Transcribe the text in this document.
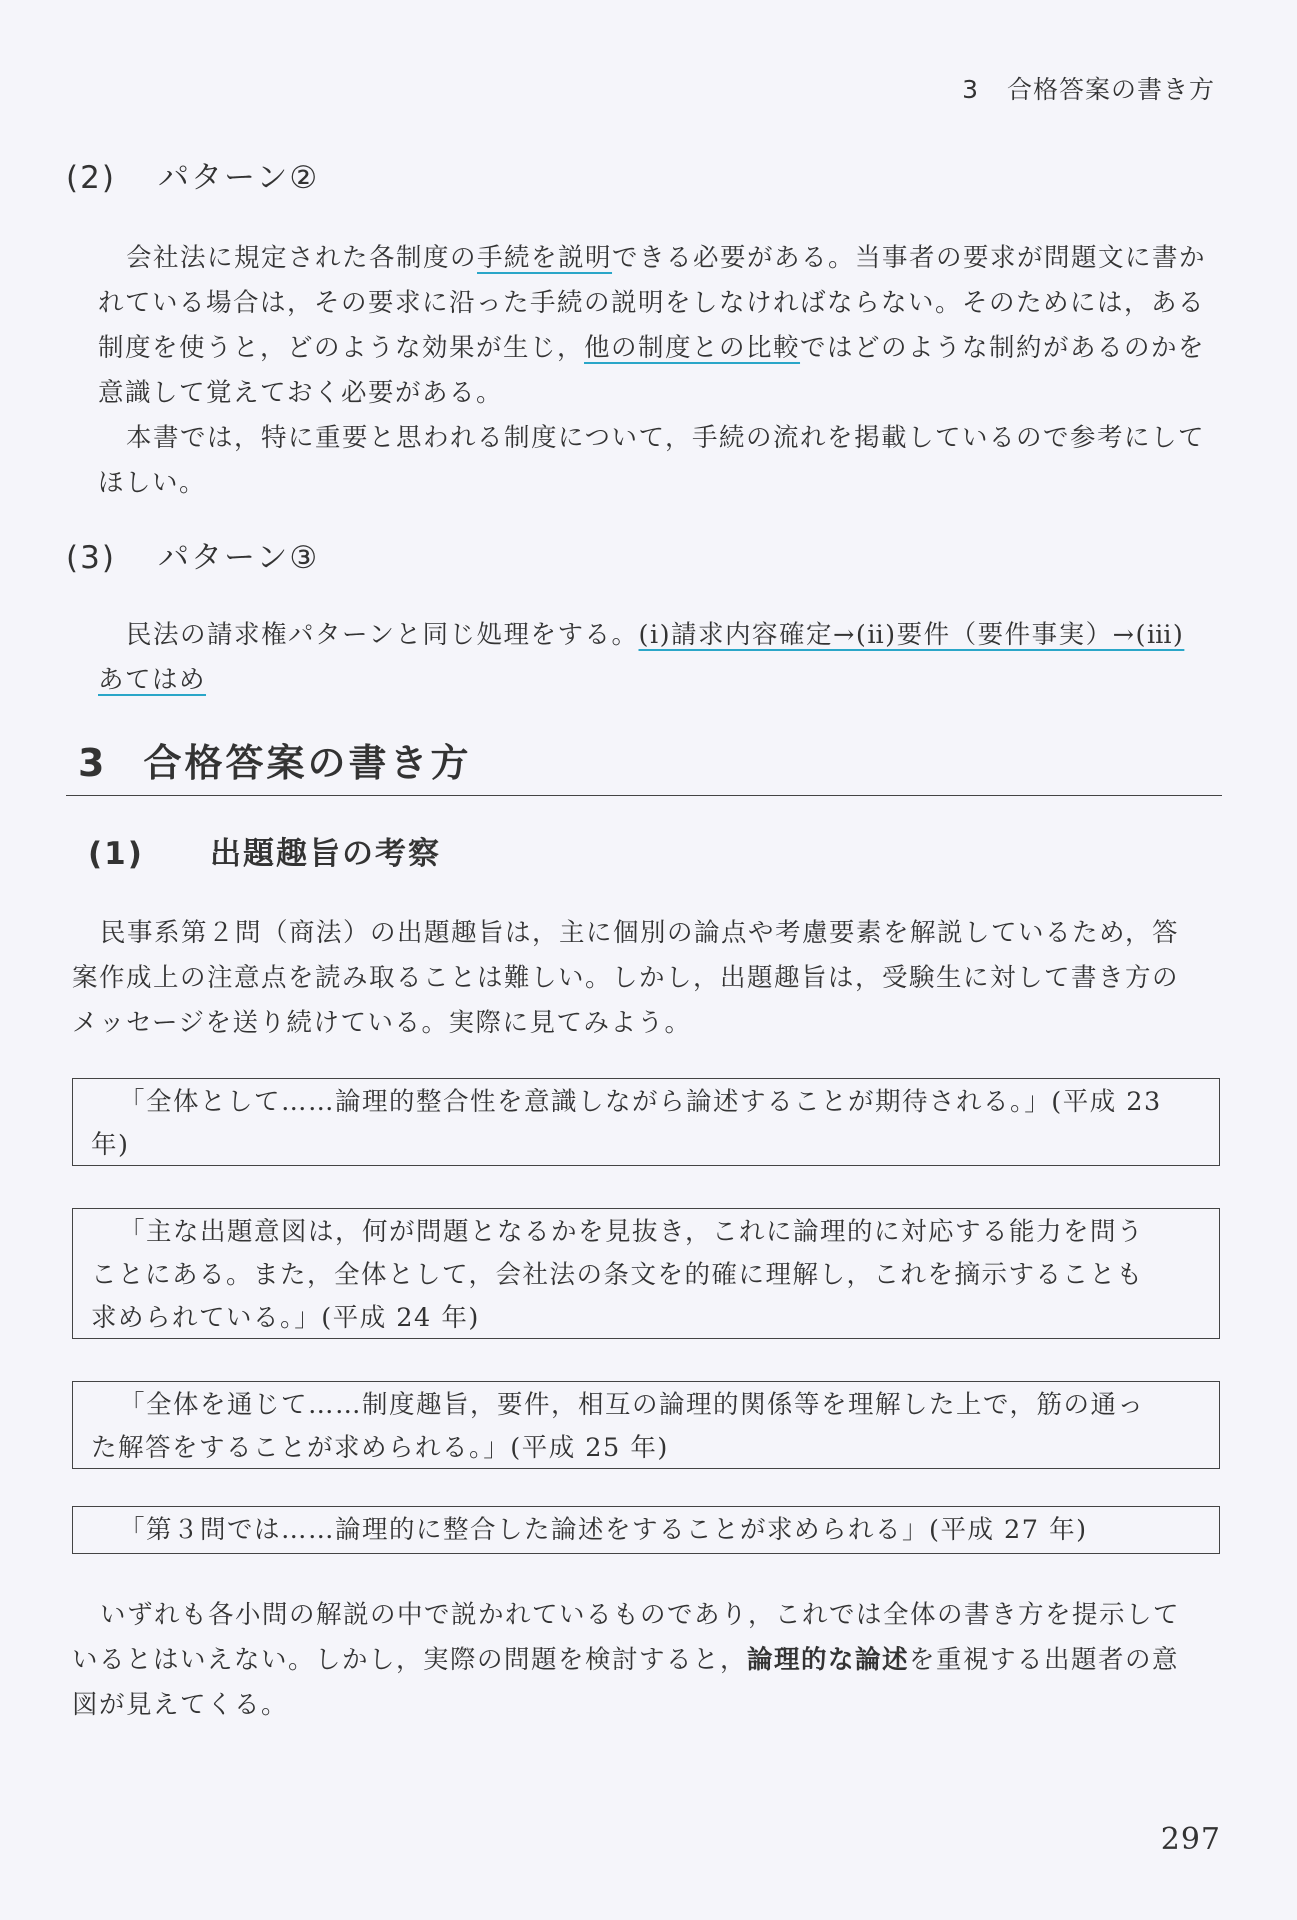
3 合格答案の書き方
(2) パターン②
会社法に規定された各制度の手続を説明できる必要がある。当事者の要求が問題文に書か
れている場合は，その要求に沿った手続の説明をしなければならない。そのためには，ある
制度を使うと，どのような効果が生じ，他の制度との比較ではどのような制約があるのかを
意識して覚えておく必要がある。
本書では，特に重要と思われる制度について，手続の流れを掲載しているので参考にして
ほしい。
(3) パターン③
民法の請求権パターンと同じ処理をする。(ⅰ)請求内容確定→(ⅱ)要件（要件事実）→(ⅲ)
あてはめ
3 合格答案の書き方
(1) 出題趣旨の考察
民事系第２問（商法）の出題趣旨は，主に個別の論点や考慮要素を解説しているため，答
案作成上の注意点を読み取ることは難しい。しかし，出題趣旨は，受験生に対して書き方の
メッセージを送り続けている。実際に見てみよう。
「全体として……論理的整合性を意識しながら論述することが期待される。」(平成 23
年)
「主な出題意図は，何が問題となるかを見抜き，これに論理的に対応する能力を問う
ことにある。また，全体として，会社法の条文を的確に理解し，これを摘示することも
求められている。」(平成 24 年)
「全体を通じて……制度趣旨，要件，相互の論理的関係等を理解した上で，筋の通っ
た解答をすることが求められる。」(平成 25 年)
「第３問では……論理的に整合した論述をすることが求められる」(平成 27 年)
いずれも各小問の解説の中で説かれているものであり，これでは全体の書き方を提示して
いるとはいえない。しかし，実際の問題を検討すると，論理的な論述を重視する出題者の意
図が見えてくる。
297
